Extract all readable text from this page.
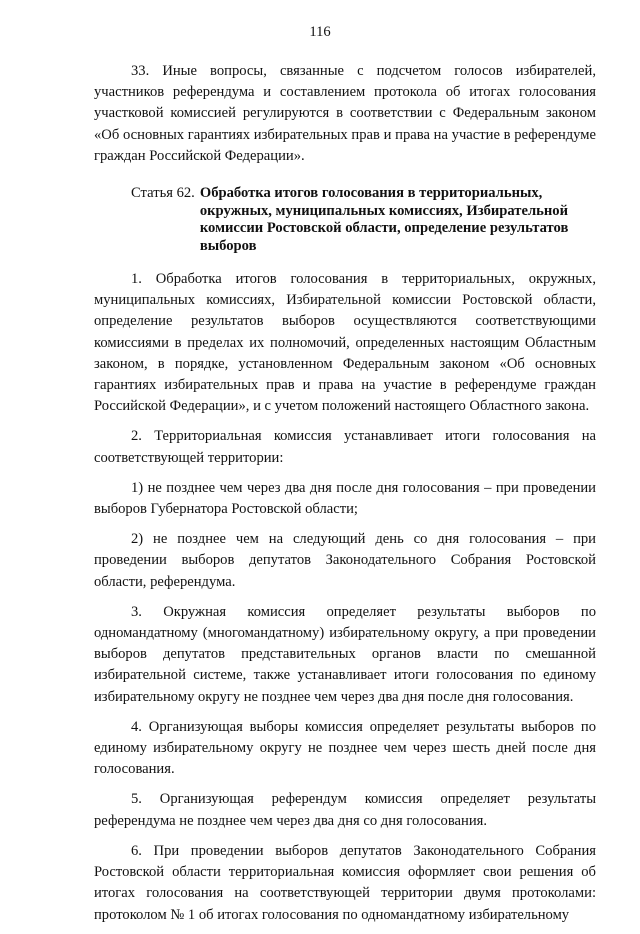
116

33. Иные вопросы, связанные с подсчетом голосов избирателей, участников референдума и составлением протокола об итогах голосования участковой комиссией регулируются в соответствии с Федеральным законом «Об основных гарантиях избирательных прав и права на участие в референдуме граждан Российской Федерации».

Статья 62. Обработка итогов голосования в территориальных, окружных, муниципальных комиссиях, Избирательной комиссии Ростовской области, определение результатов выборов

1. Обработка итогов голосования в территориальных, окружных, муниципальных комиссиях, Избирательной комиссии Ростовской области, определение результатов выборов осуществляются соответствующими комиссиями в пределах их полномочий, определенных настоящим Областным законом, в порядке, установленном Федеральным законом «Об основных гарантиях избирательных прав и права на участие в референдуме граждан Российской Федерации», и с учетом положений настоящего Областного закона.

2. Территориальная комиссия устанавливает итоги голосования на соответствующей территории:

1) не позднее чем через два дня после дня голосования – при проведении выборов Губернатора Ростовской области;

2) не позднее чем на следующий день со дня голосования – при проведении выборов депутатов Законодательного Собрания Ростовской области, референдума.

3. Окружная комиссия определяет результаты выборов по одномандатному (многомандатному) избирательному округу, а при проведении выборов депутатов представительных органов власти по смешанной избирательной системе, также устанавливает итоги голосования по единому избирательному округу не позднее чем через два дня после дня голосования.

4. Организующая выборы комиссия определяет результаты выборов по единому избирательному округу не позднее чем через шесть дней после дня голосования.

5. Организующая референдум комиссия определяет результаты референдума не позднее чем через два дня со дня голосования.

6. При проведении выборов депутатов Законодательного Собрания Ростовской области территориальная комиссия оформляет свои решения об итогах голосования на соответствующей территории двумя протоколами: протоколом № 1 об итогах голосования по одномандатному избирательному
